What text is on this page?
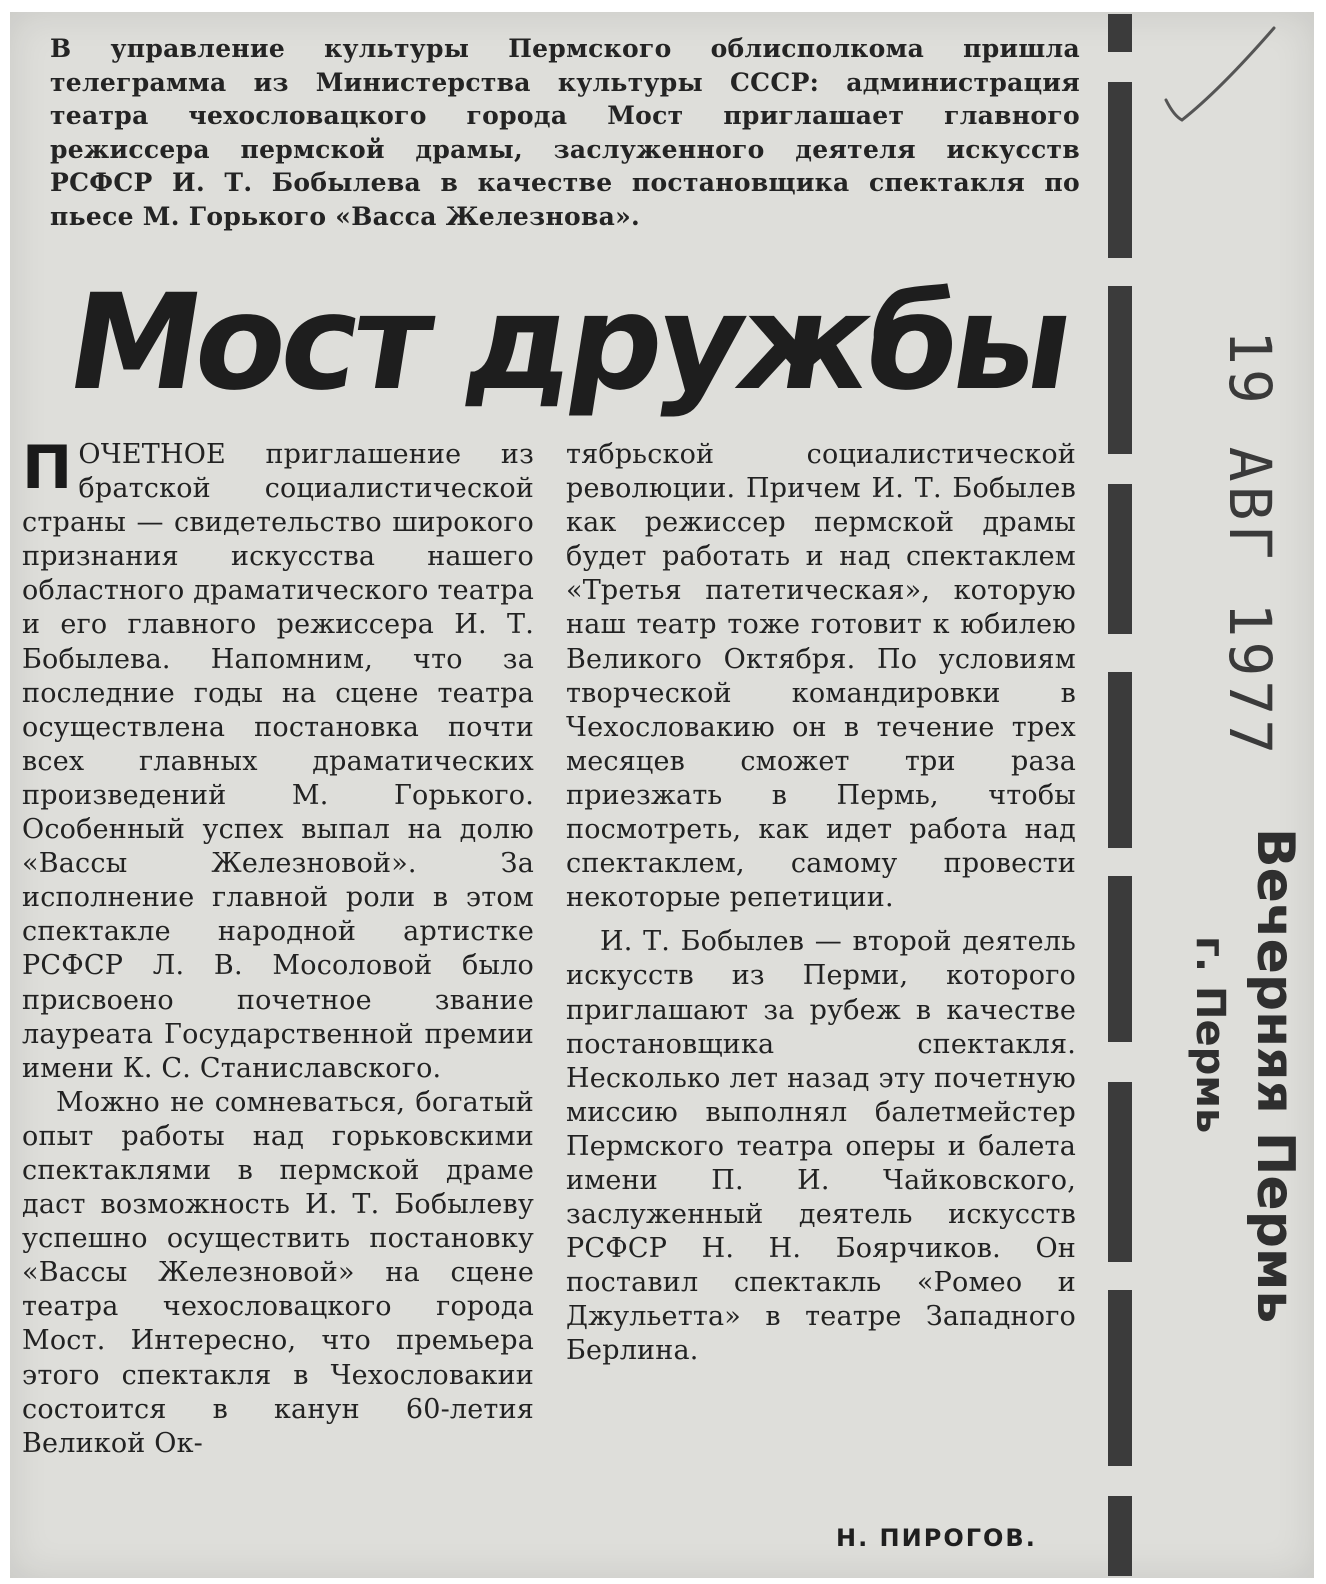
В управление культуры Пермского облисполкома пришла телеграмма из Министерства культуры СССР: администрация театра чехословацкого города Мост приглашает главного режиссера пермской драмы, заслуженного деятеля искусств РСФСР И. Т. Бобылева в качестве постановщика спектакля по пьесе М. Горького «Васса Железнова».
Мост дружбы

ПОЧЕТНОЕ приглашение из братской социалистической страны — свидетельство широкого признания искусства нашего областного драматического театра и его главного режиссера И. Т. Бобылева. Напомним, что за последние годы на сцене театра осуществлена постановка почти всех главных драматических произведений М. Горького. Особенный успех выпал на долю «Вассы Железновой». За исполнение главной роли в этом спектакле народной артистке РСФСР Л. В. Мосоловой было присвоено почетное звание лауреата Государственной премии имени К. С. Станиславского.

Можно не сомневаться, богатый опыт работы над горьковскими спектаклями в пермской драме даст возможность И. Т. Бобылеву успешно осуществить постановку «Вассы Железновой» на сцене театра чехословацкого города Мост. Интересно, что премьера этого спектакля в Чехословакии состоится в канун 60-летия Великой Ок-

тябрьской социалистической революции. Причем И. Т. Бобылев как режиссер пермской драмы будет работать и над спектаклем «Третья патетическая», которую наш театр тоже готовит к юбилею Великого Октября. По условиям творческой командировки в Чехословакию он в течение трех месяцев сможет три раза приезжать в Пермь, чтобы посмотреть, как идет работа над спектаклем, самому провести некоторые репетиции.

И. Т. Бобылев — второй деятель искусств из Перми, которого приглашают за рубеж в качестве постановщика спектакля. Несколько лет назад эту почетную миссию выполнял балетмейстер Пермского театра оперы и балета имени П. И. Чайковского, заслуженный деятель искусств РСФСР Н. Н. Боярчиков. Он поставил спектакль «Ромео и Джульетта» в театре Западного Берлина.

Н. ПИРОГОВ.
19 АВГ 1977
Вечерняя Пермь
г. Пермь
